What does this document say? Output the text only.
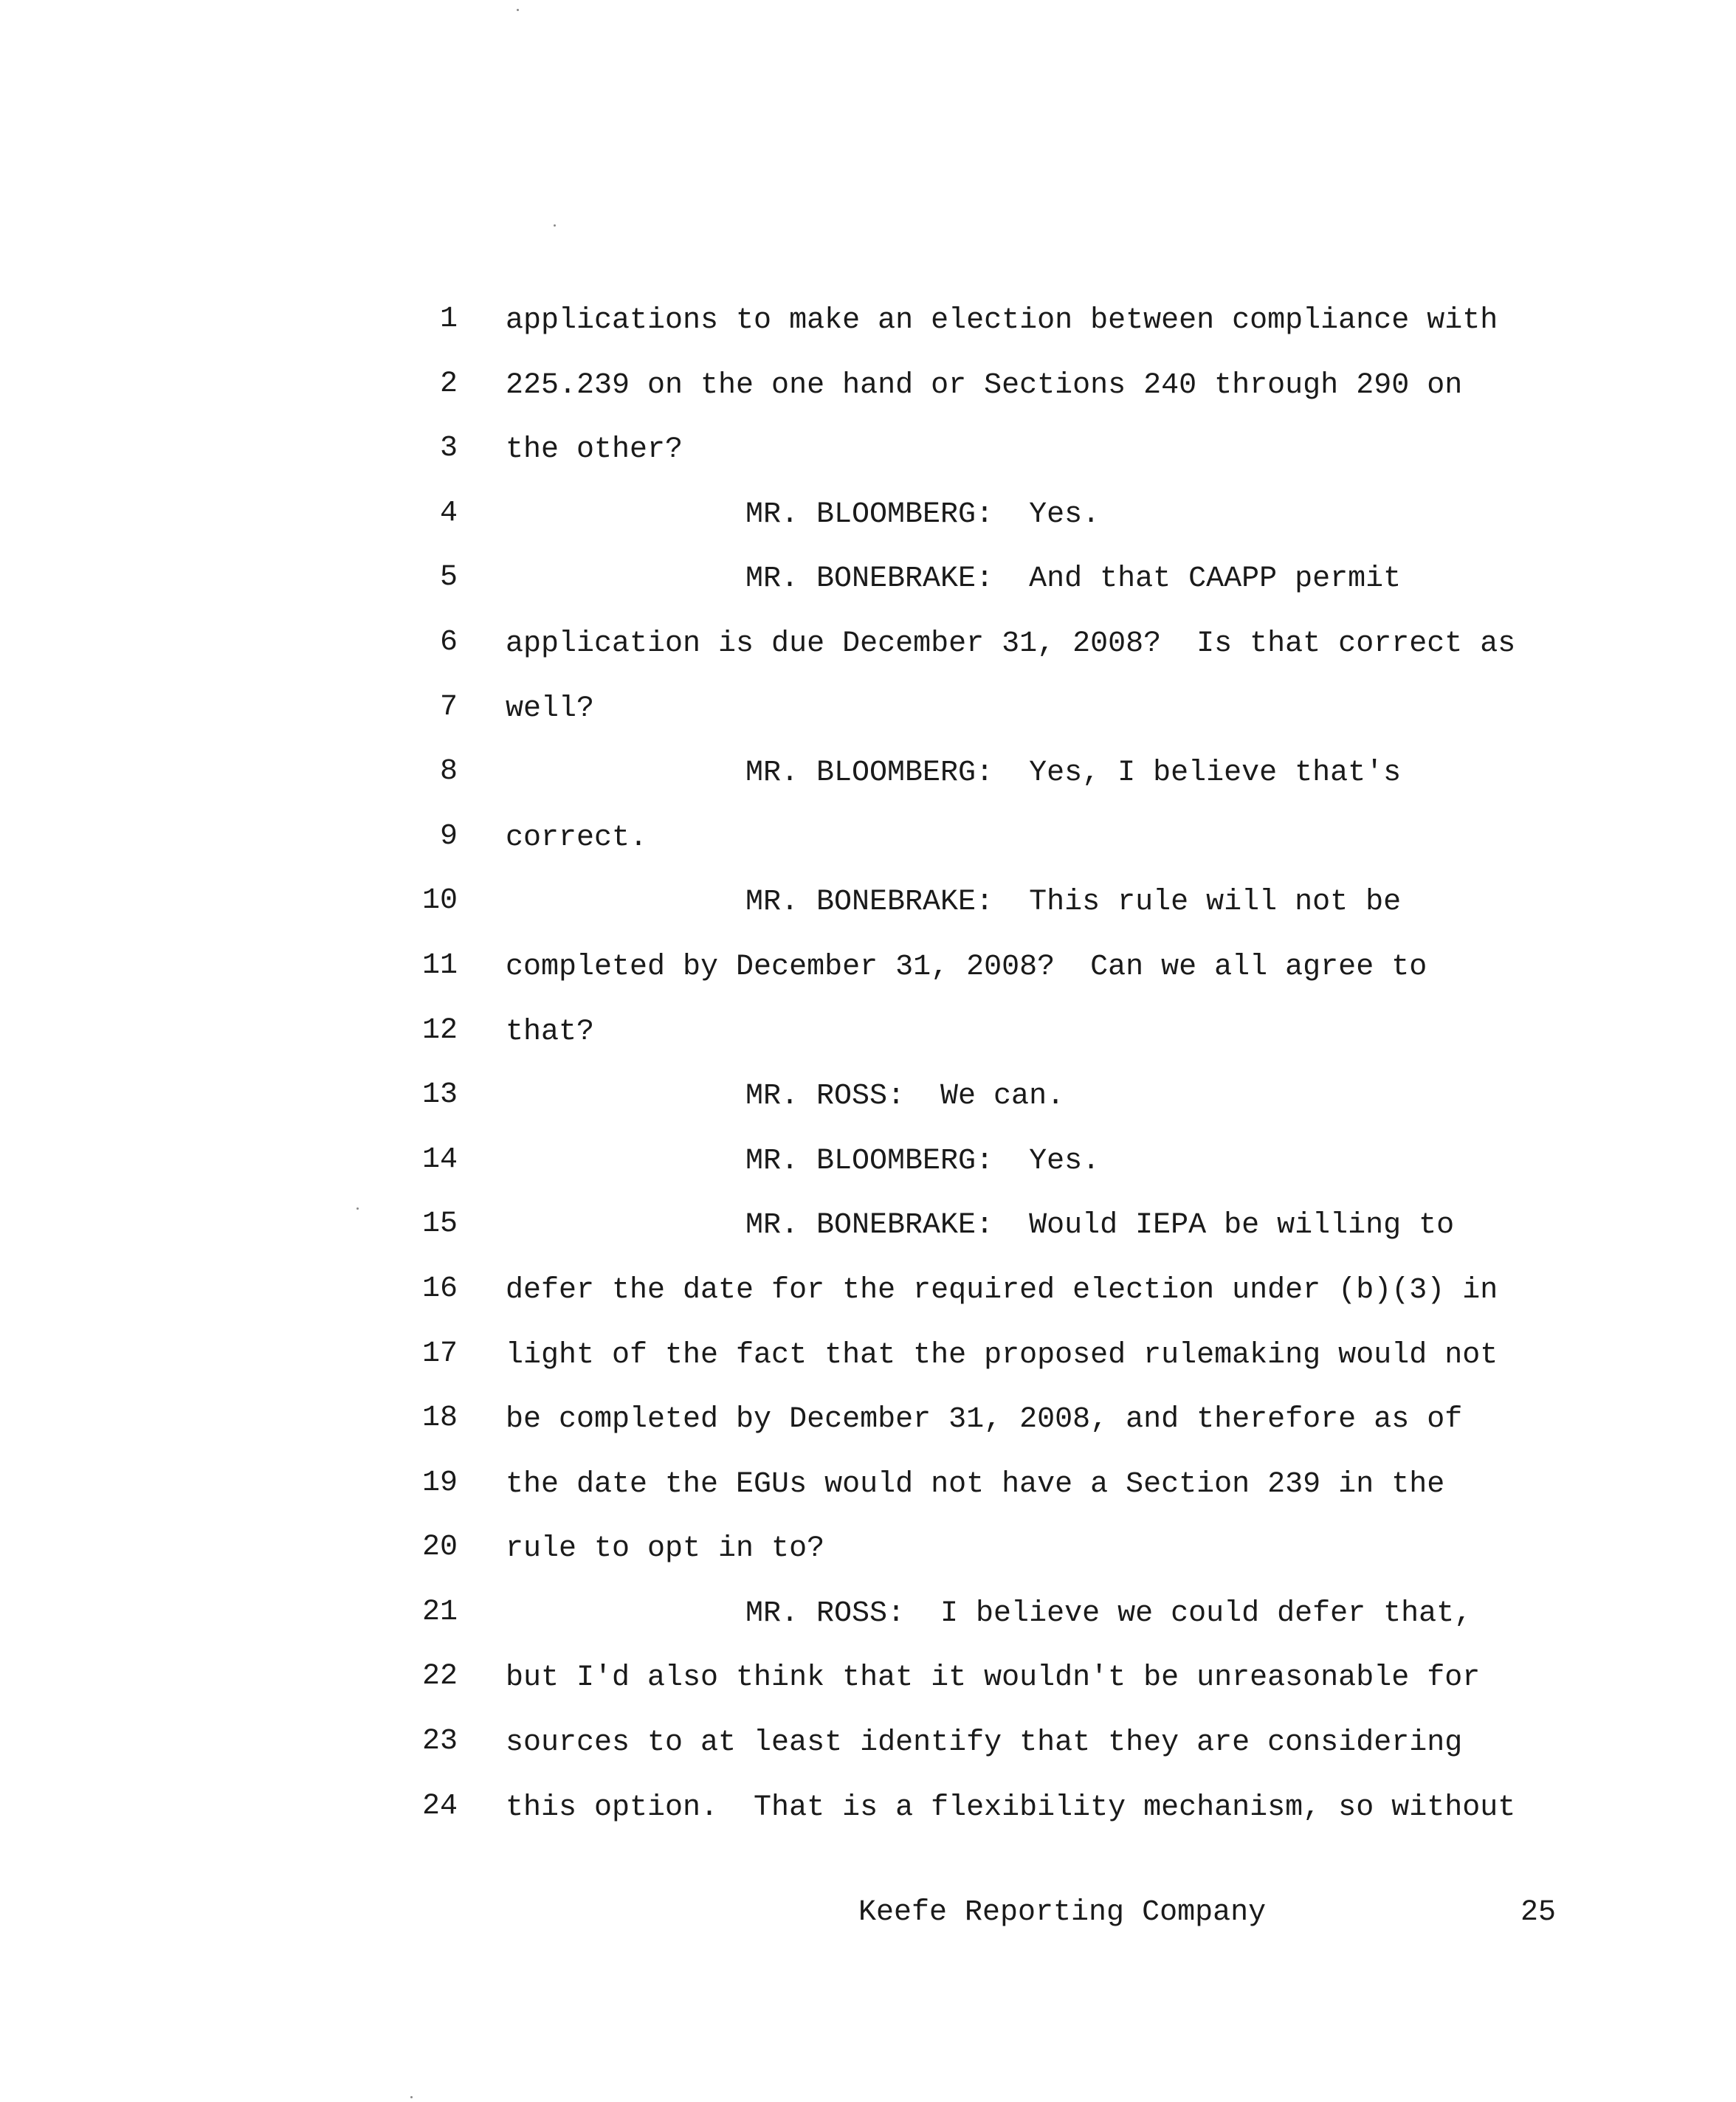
1 applications to make an election between compliance with
2 225.239 on the one hand or Sections 240 through 290 on
3 the other?
4	MR. BLOOMBERG:  Yes.
5	MR. BONEBRAKE:  And that CAAPP permit
6 application is due December 31, 2008?  Is that correct as
7 well?
8	MR. BLOOMBERG:  Yes, I believe that's
9 correct.
10	MR. BONEBRAKE:  This rule will not be
11 completed by December 31, 2008?  Can we all agree to
12 that?
13	MR. ROSS:  We can.
14	MR. BLOOMBERG:  Yes.
15	MR. BONEBRAKE:  Would IEPA be willing to
16 defer the date for the required election under (b)(3) in
17 light of the fact that the proposed rulemaking would not
18 be completed by December 31, 2008, and therefore as of
19 the date the EGUs would not have a Section 239 in the
20 rule to opt in to?
21	MR. ROSS:  I believe we could defer that,
22 but I'd also think that it wouldn't be unreasonable for
23 sources to at least identify that they are considering
24 this option.  That is a flexibility mechanism, so without
Keefe Reporting Company	25
